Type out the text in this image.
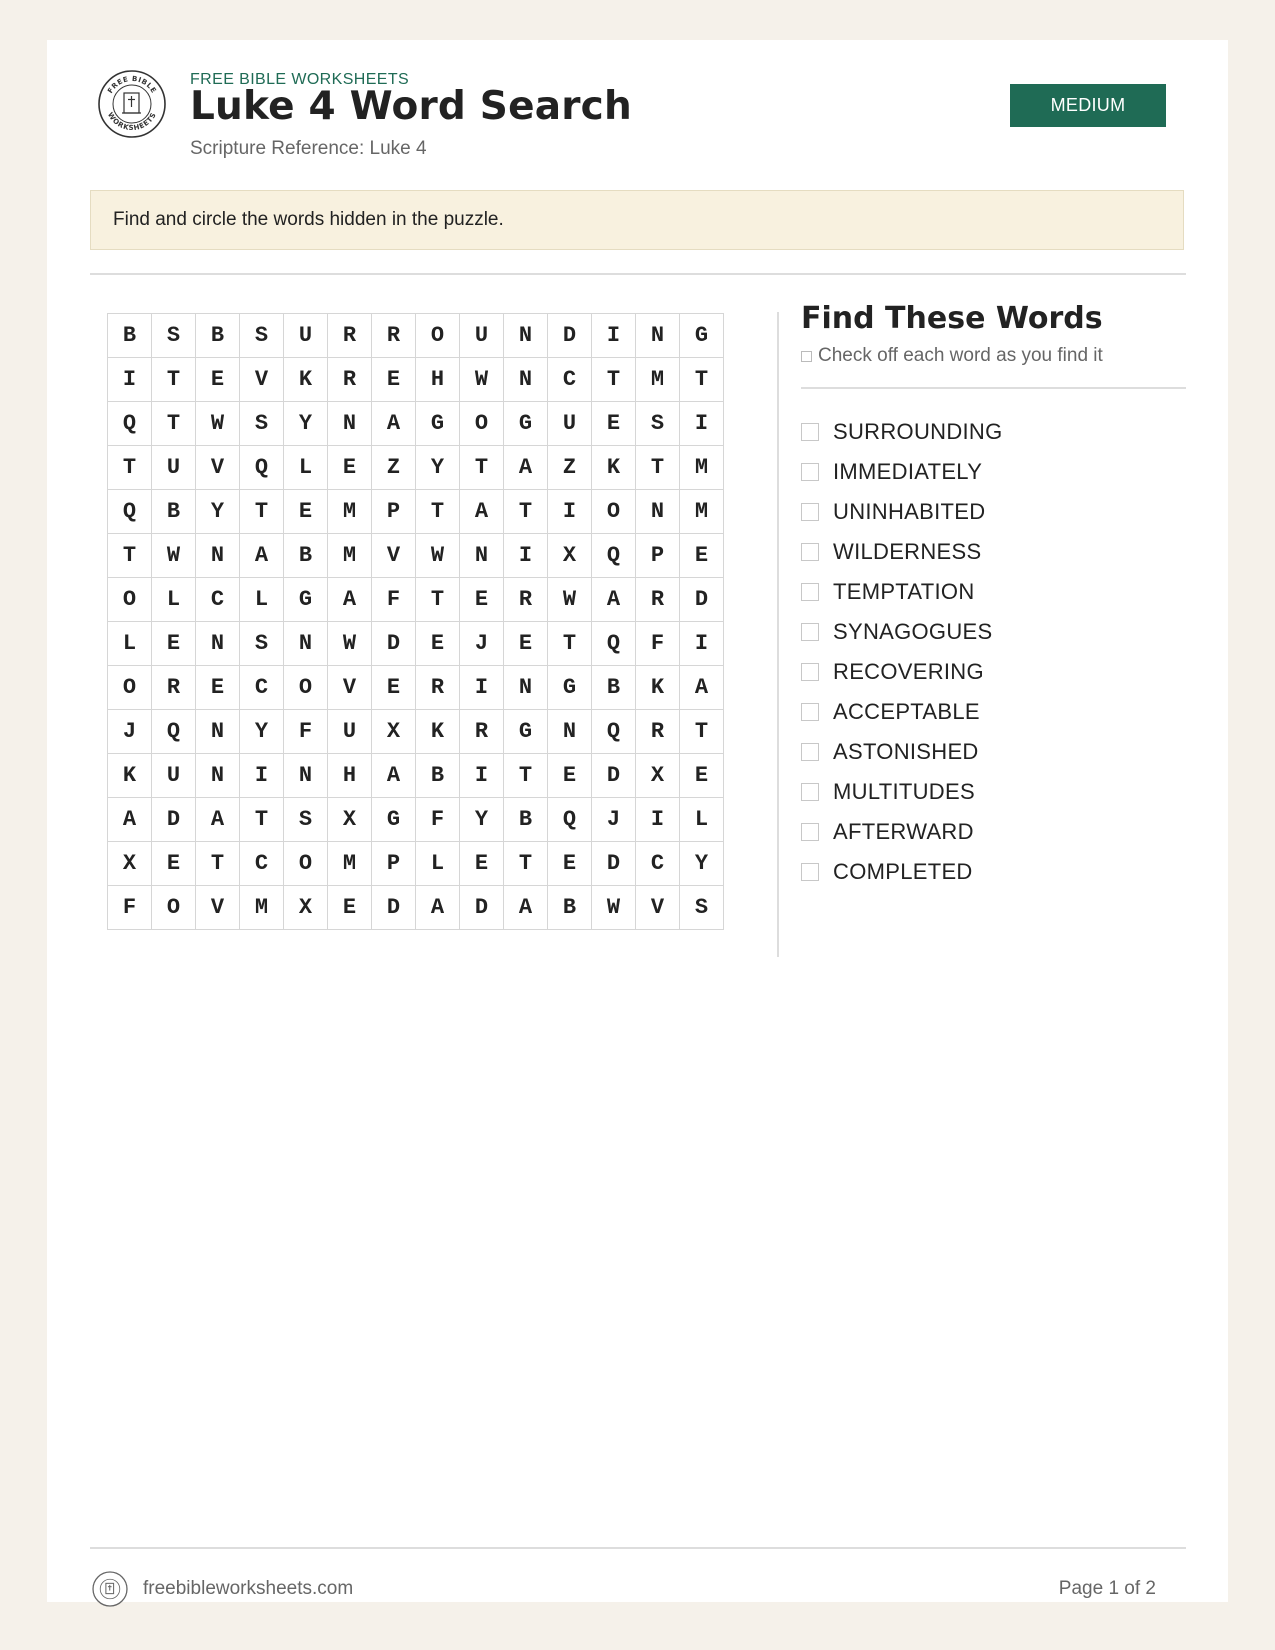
FREE BIBLE
WORKSHEETS
FREE BIBLE WORKSHEETS
Luke 4 Word Search
Scripture Reference: Luke 4
MEDIUM
Find and circle the words hidden in the puzzle.
B	S	B	S	U	R	R	O	U	N	D	I	N	G
I	T	E	V	K	R	E	H	W	N	C	T	M	T
Q	T	W	S	Y	N	A	G	O	G	U	E	S	I
T	U	V	Q	L	E	Z	Y	T	A	Z	K	T	M
Q	B	Y	T	E	M	P	T	A	T	I	O	N	M
T	W	N	A	B	M	V	W	N	I	X	Q	P	E
O	L	C	L	G	A	F	T	E	R	W	A	R	D
L	E	N	S	N	W	D	E	J	E	T	Q	F	I
O	R	E	C	O	V	E	R	I	N	G	B	K	A
J	Q	N	Y	F	U	X	K	R	G	N	Q	R	T
K	U	N	I	N	H	A	B	I	T	E	D	X	E
A	D	A	T	S	X	G	F	Y	B	Q	J	I	L
X	E	T	C	O	M	P	L	E	T	E	D	C	Y
F	O	V	M	X	E	D	A	D	A	B	W	V	S
Find These Words
Check off each word as you find it
SURROUNDING
IMMEDIATELY
UNINHABITED
WILDERNESS
TEMPTATION
SYNAGOGUES
RECOVERING
ACCEPTABLE
ASTONISHED
MULTITUDES
AFTERWARD
COMPLETED
freebibleworksheets.com	Page 1 of 2
